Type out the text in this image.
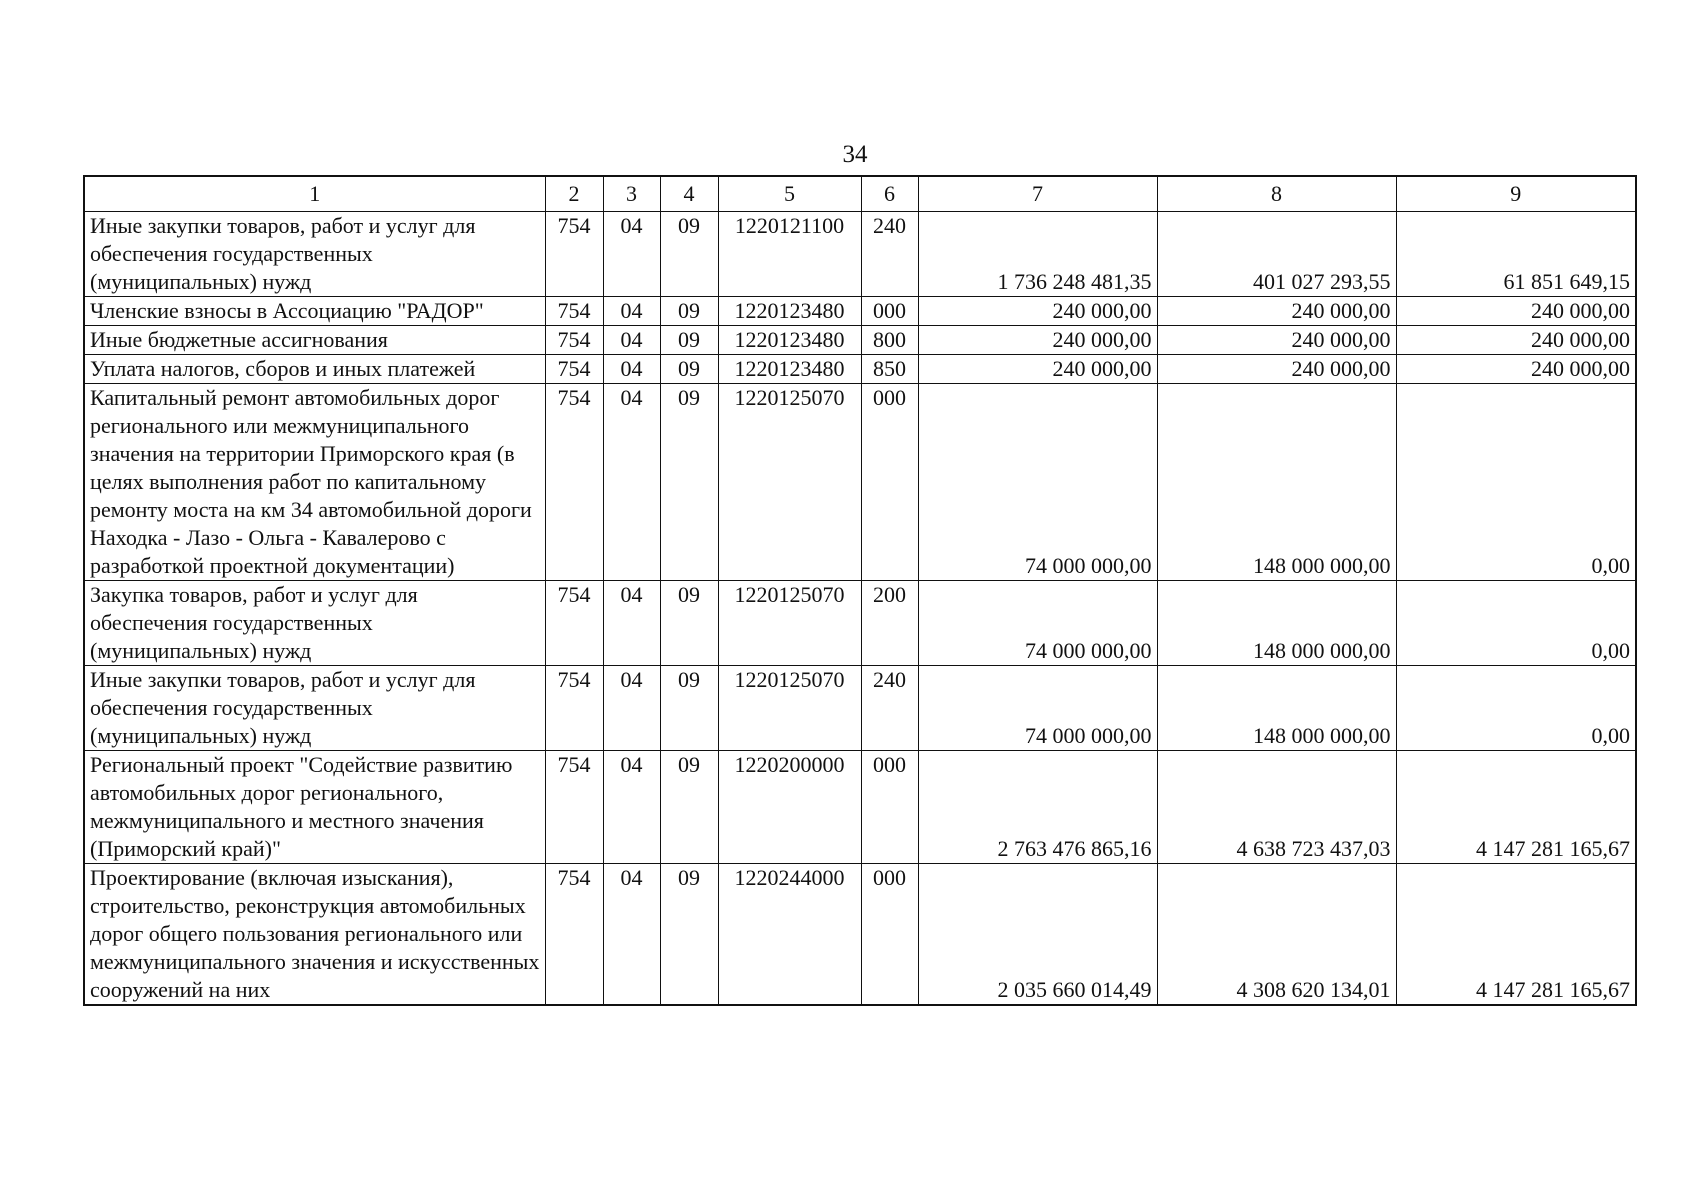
34
1	2	3	4	5	6	7	8	9
Иные закупки товаров, работ и услуг для обеспечения государственных (муниципальных) нужд	754	04	09	1220121100	240	1 736 248 481,35	401 027 293,55	61 851 649,15
Членские взносы в Ассоциацию "РАДОР"	754	04	09	1220123480	000	240 000,00	240 000,00	240 000,00
Иные бюджетные ассигнования	754	04	09	1220123480	800	240 000,00	240 000,00	240 000,00
Уплата налогов, сборов и иных платежей	754	04	09	1220123480	850	240 000,00	240 000,00	240 000,00
Капитальный ремонт автомобильных дорог регионального или межмуниципального значения на территории Приморского края (в целях выполнения работ по капитальному ремонту моста на км 34 автомобильной дороги Находка - Лазо - Ольга - Кавалерово с разработкой проектной документации)	754	04	09	1220125070	000	74 000 000,00	148 000 000,00	0,00
Закупка товаров, работ и услуг для обеспечения государственных (муниципальных) нужд	754	04	09	1220125070	200	74 000 000,00	148 000 000,00	0,00
Иные закупки товаров, работ и услуг для обеспечения государственных (муниципальных) нужд	754	04	09	1220125070	240	74 000 000,00	148 000 000,00	0,00
Региональный проект "Содействие развитию автомобильных дорог регионального, межмуниципального и местного значения (Приморский край)"	754	04	09	1220200000	000	2 763 476 865,16	4 638 723 437,03	4 147 281 165,67
Проектирование (включая изыскания), строительство, реконструкция автомобильных дорог общего пользования регионального или межмуниципального значения и искусственных сооружений на них	754	04	09	1220244000	000	2 035 660 014,49	4 308 620 134,01	4 147 281 165,67
